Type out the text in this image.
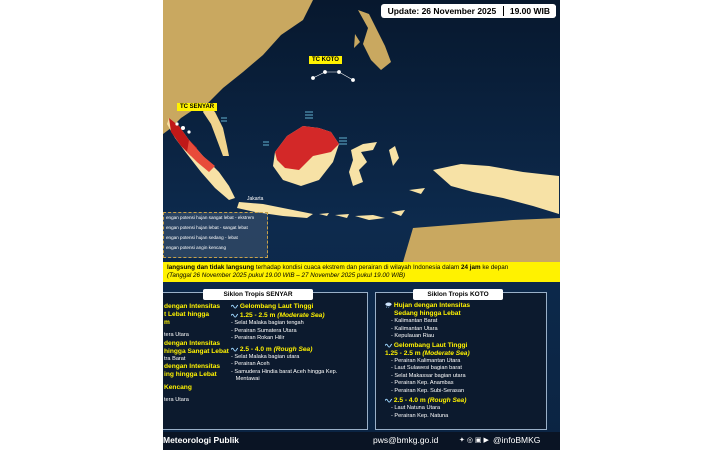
Update: 26 November 2025	19.00 WIB
TC SENYAR
TC KOTO
Jakarta
engan potensi hujan sangat lebat - ekstrem
engan potensi hujan lebat - sangat lebat
engan potensi hujan sedang - lebat
engan potensi angin kencang
langsung dan tidak langsung terhadap kondisi cuaca ekstrem dan perairan di wilayah Indonesia dalam 24 jam ke depan
(Tanggal 26 November 2025 pukul 19.00 WIB – 27 November 2025 pukul 19.00 WIB)
Siklon Tropis SENYAR
dengan Intensitas
t Lebat hingga
m
tera Utara
dengan Intensitas
hingga Sangat Lebat
tra Barat
dengan Intensitas
ing hingga Lebat
Kencang
tera Utara
Gelombang Laut Tinggi
1.25 - 2.5 m (Moderate Sea)
- Selat Malaka bagian tengah
- Perairan Sumatera Utara
- Perairan Rokan Hilir
2.5 - 4.0 m (Rough Sea)
- Selat Malaka bagian utara
- Perairan Aceh
- Samudera Hindia barat Aceh hingga Kep.
Mentawai
Siklon Tropis KOTO
Hujan dengan Intensitas
Sedang hingga Lebat
- Kalimantan Barat
- Kalimantan Utara
- Kepulauan Riau
Gelombang Laut Tinggi
1.25 - 2.5 m (Moderate Sea)
- Perairan Kalimantan Utara
- Laut Sulawesi bagian barat
- Selat Makassar bagian utara
- Perairan Kep. Anambas
- Perairan Kep. Subi-Serasan
2.5 - 4.0 m (Rough Sea)
- Laut Natuna Utara
- Perairan Kep. Natuna
Meteorologi Publik	pws@bmkg.go.id	✦ ◎ ▣ ▶ @infoBMKG
